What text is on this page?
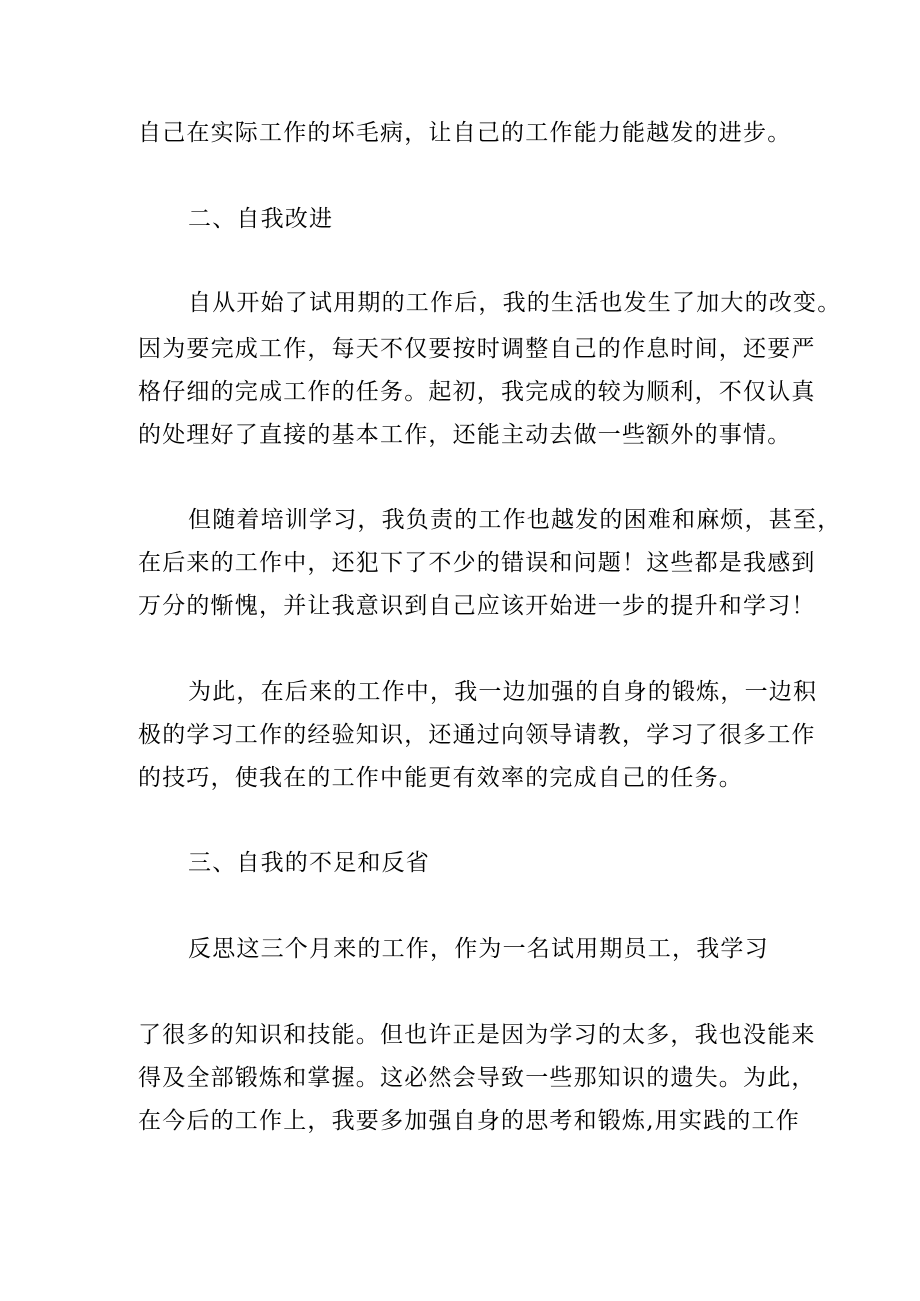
自己在实际工作的坏毛病，让自己的工作能力能越发的进步。
二、自我改进
自从开始了试用期的工作后，我的生活也发生了加大的改变。
因为要完成工作，每天不仅要按时调整自己的作息时间，还要严
格仔细的完成工作的任务。起初，我完成的较为顺利，不仅认真
的处理好了直接的基本工作，还能主动去做一些额外的事情。
但随着培训学习，我负责的工作也越发的困难和麻烦，甚至，
在后来的工作中，还犯下了不少的错误和问题！这些都是我感到
万分的惭愧，并让我意识到自己应该开始进一步的提升和学习！
为此，在后来的工作中，我一边加强的自身的锻炼，一边积
极的学习工作的经验知识，还通过向领导请教，学习了很多工作
的技巧，使我在的工作中能更有效率的完成自己的任务。
三、自我的不足和反省
反思这三个月来的工作，作为一名试用期员工，我学习
了很多的知识和技能。但也许正是因为学习的太多，我也没能来
得及全部锻炼和掌握。这必然会导致一些那知识的遗失。为此，
在今后的工作上，我要多加强自身的思考和锻炼,用实践的工作
